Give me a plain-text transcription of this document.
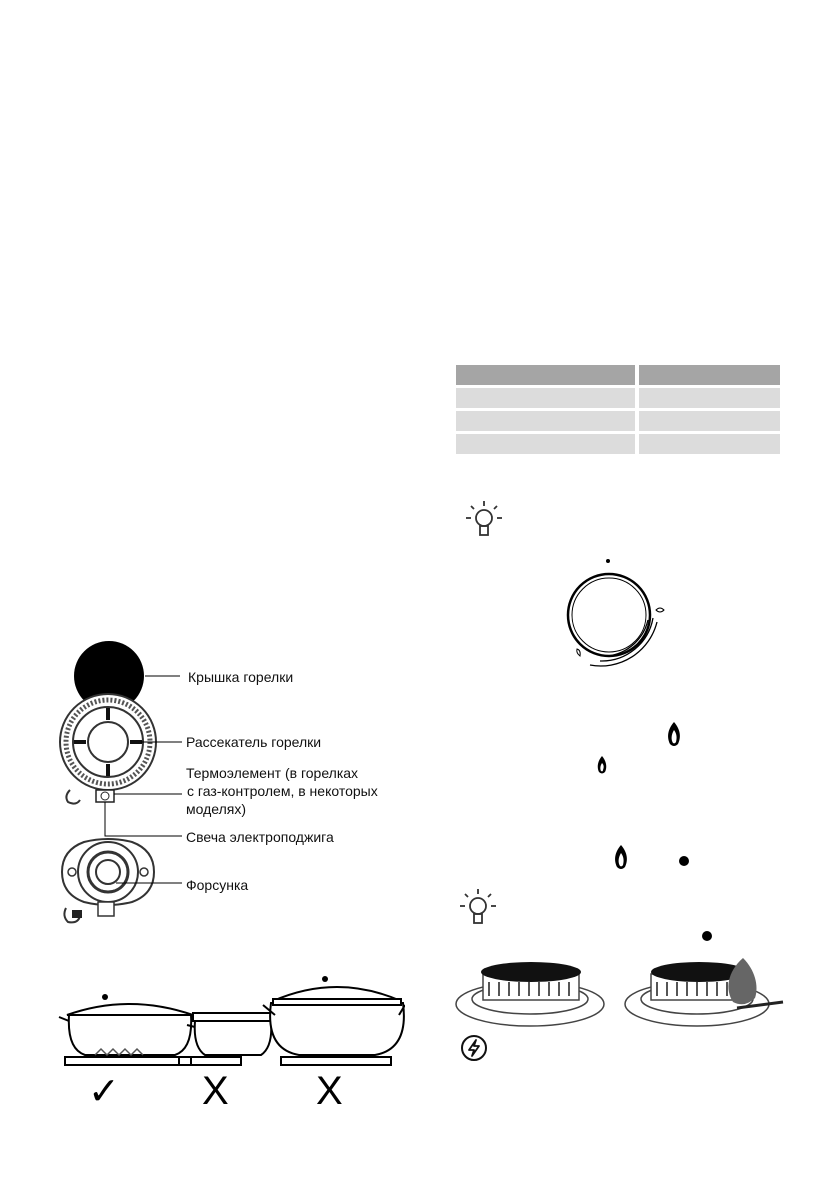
Крышка горелки
Рассекатель горелки
Термоэлемент (в горелках
с газ-контролем, в некоторых
моделях)
Свеча электроподжига
Форсунка
✓ X X
